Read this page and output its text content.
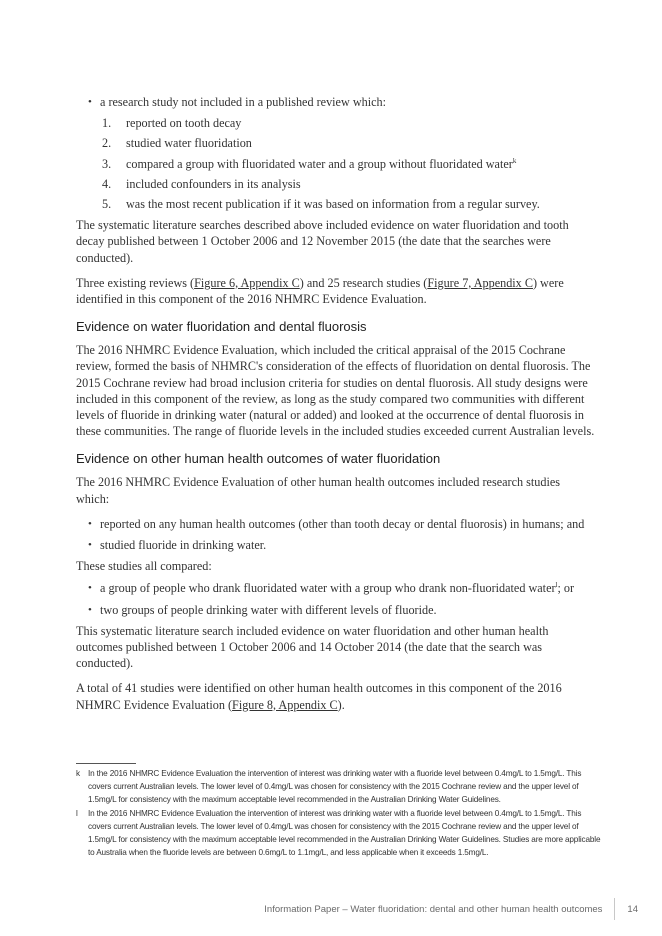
• a research study not included in a published review which:
1.	reported on tooth decay
2.	studied water fluoridation
3.	compared a group with fluoridated water and a group without fluoridated water$^k$
4.	included confounders in its analysis
5.	was the most recent publication if it was based on information from a regular survey.

The systematic literature searches described above included evidence on water fluoridation and tooth decay published between 1 October 2006 and 12 November 2015 (the date that the searches were conducted).

Three existing reviews (Figure 6, Appendix C) and 25 research studies (Figure 7, Appendix C) were identified in this component of the 2016 NHMRC Evidence Evaluation.

Evidence on water fluoridation and dental fluorosis

The 2016 NHMRC Evidence Evaluation, which included the critical appraisal of the 2015 Cochrane review, formed the basis of NHMRC's consideration of the effects of fluoridation on dental fluorosis. The 2015 Cochrane review had broad inclusion criteria for studies on dental fluorosis. All study designs were included in this component of the review, as long as the study compared two communities with different levels of fluoride in drinking water (natural or added) and looked at the occurrence of dental fluorosis in these communities. The range of fluoride levels in the included studies exceeded current Australian levels.

Evidence on other human health outcomes of water fluoridation

The 2016 NHMRC Evidence Evaluation of other human health outcomes included research studies which:

• reported on any human health outcomes (other than tooth decay or dental fluorosis) in humans; and
• studied fluoride in drinking water.

These studies all compared:

• a group of people who drank fluoridated water with a group who drank non-fluoridated water$^l$; or
• two groups of people drinking water with different levels of fluoride.

This systematic literature search included evidence on water fluoridation and other human health outcomes published between 1 October 2006 and 14 October 2014 (the date that the search was conducted).

A total of 41 studies were identified on other human health outcomes in this component of the 2016 NHMRC Evidence Evaluation (Figure 8, Appendix C).

k In the 2016 NHMRC Evidence Evaluation the intervention of interest was drinking water with a fluoride level between 0.4mg/L to 1.5mg/L. This covers current Australian levels. The lower level of 0.4mg/L was chosen for consistency with the 2015 Cochrane review and the upper level of 1.5mg/L for consistency with the maximum acceptable level recommended in the Australian Drinking Water Guidelines.
l	In the 2016 NHMRC Evidence Evaluation the intervention of interest was drinking water with a fluoride level between 0.4mg/L to 1.5mg/L. This covers current Australian levels. The lower level of 0.4mg/L was chosen for consistency with the 2015 Cochrane review and the upper level of 1.5mg/L for consistency with the maximum acceptable level recommended in the Australian Drinking Water Guidelines. Studies are more applicable to Australia when the fluoride levels are between 0.6mg/L to 1.1mg/L, and less applicable when it exceeds 1.5mg/L.
Information Paper – Water fluoridation: dental and other human health outcomes	14
